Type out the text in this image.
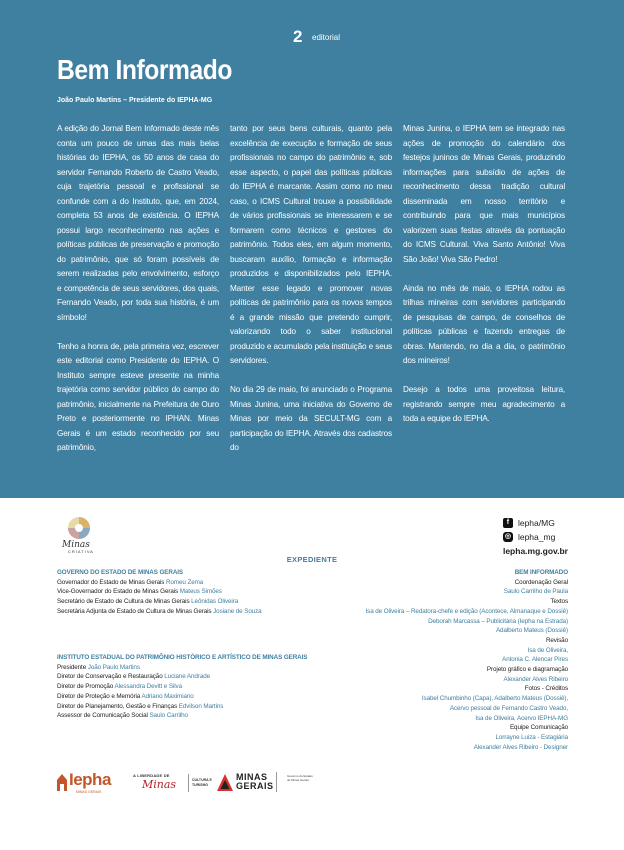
2 editorial
Bem Informado
João Paulo Martins – Presidente do IEPHA-MG

A edição do Jornal Bem Informado deste mês conta um pouco de umas das mais belas histórias do IEPHA, os 50 anos de casa do servidor Fernando Roberto de Castro Veado, cuja trajetória pessoal e profissional se confunde com a do Instituto, que, em 2024, completa 53 anos de existência. O IEPHA possui largo reconhecimento nas ações e políticas públicas de preservação e promoção do patrimônio, que só foram possíveis de serem realizadas pelo envolvimento, esforço e competência de seus servidores, dos quais, Fernando Veado, por toda sua história, é um símbolo!

Tenho a honra de, pela primeira vez, escrever este editorial como Presidente do IEPHA. O Instituto sempre esteve presente na minha trajetória como servidor público do campo do patrimônio, inicialmente na Prefeitura de Ouro Preto e posteriormente no IPHAN. Minas Gerais é um estado reconhecido por seu patrimônio,

tanto por seus bens culturais, quanto pela excelência de execução e formação de seus profissionais no campo do patrimônio e, sob esse aspecto, o papel das políticas públicas do IEPHA é marcante. Assim como no meu caso, o ICMS Cultural trouxe a possibilidade de vários profissionais se interessarem e se formarem como técnicos e gestores do patrimônio. Todos eles, em algum momento, buscaram auxílio, formação e informação produzidos e disponibilizados pelo IEPHA. Manter esse legado e promover novas políticas de patrimônio para os novos tempos é a grande missão que pretendo cumprir, valorizando todo o saber institucional produzido e acumulado pela instituição e seus servidores.

No dia 29 de maio, foi anunciado o Programa Minas Junina, uma iniciativa do Governo de Minas por meio da SECULT-MG com a participação do IEPHA. Através dos cadastros do

Minas Junina, o IEPHA tem se integrado nas ações de promoção do calendário dos festejos juninos de Minas Gerais, produzindo informações para subsídio de ações de reconhecimento dessa tradição cultural disseminada em nosso território e contribuindo para que mais municípios valorizem suas festas através da pontuação do ICMS Cultural. Viva Santo Antônio! Viva São João! Viva São Pedro!

Ainda no mês de maio, o IEPHA rodou as trilhas mineiras com servidores participando de pesquisas de campo, de conselhos de políticas públicas e fazendo entregas de obras. Mantendo, no dia a dia, o patrimônio dos mineiros!

Desejo a todos uma proveitosa leitura, registrando sempre meu agradecimento a toda a equipe do IEPHA.

Minas
CRIATIVA
f	lepha/MG
◎ lepha_mg
lepha.mg.gov.br
EXPEDIENTE
GOVERNO DO ESTADO DE MINAS GERAIS
Governador do Estado de Minas Gerais Romeu Zema
Vice-Governador do Estado de Minas Gerais Mateus Simões
Secretário de Estado de Cultura de Minas Gerais Leônidas Oliveira
Secretária Adjunta de Estado de Cultura de Minas Gerais Josiane de Souza
INSTITUTO ESTADUAL DO PATRIMÔNIO HISTÓRICO E ARTÍSTICO DE MINAS GERAIS
Presidente João Paulo Martins
Diretor de Conservação e Restauração Luciane Andrade
Diretor de Promoção Alessandra Devitt e Silva
Diretor de Proteção e Memória Adriano Maximiano
Diretor de Planejamento, Gestão e Finanças Edvilson Martins
Assessor de Comunicação Social Saulo Carrilho
BEM INFORMADO
Coordenação Geral
Saulo Carrilho de Paula
Textos
Isa de Oliveira – Redatora-chefe e edição (Acontece, Almanaque e Dossiê)
Deborah Marcassa – Publicitária (Iepha na Estrada)
Adalberto Mateus (Dossiê)
Revisão
Isa de Oliveira,
Antonia C. Alencar Pires
Projeto gráfico e diagramação
Alexander Alves Ribeiro
Fotos - Créditos
Isabel Chumbinho (Capa), Adalberto Mateus (Dossiê),
Acervo pessoal de Fernando Castro Veado,
Isa de Oliveira, Acervo IEPHA-MG
Equipe Comunicação
Lorrayne Luiza - Estagiária
Alexander Alves Ribeiro - Designer
Iepha
MINAS GERAIS
A LIBERDADE DE
Minas	CULTURA E TURISMO
MINAS
GERAIS
Governo do Estado de Minas Gerais
